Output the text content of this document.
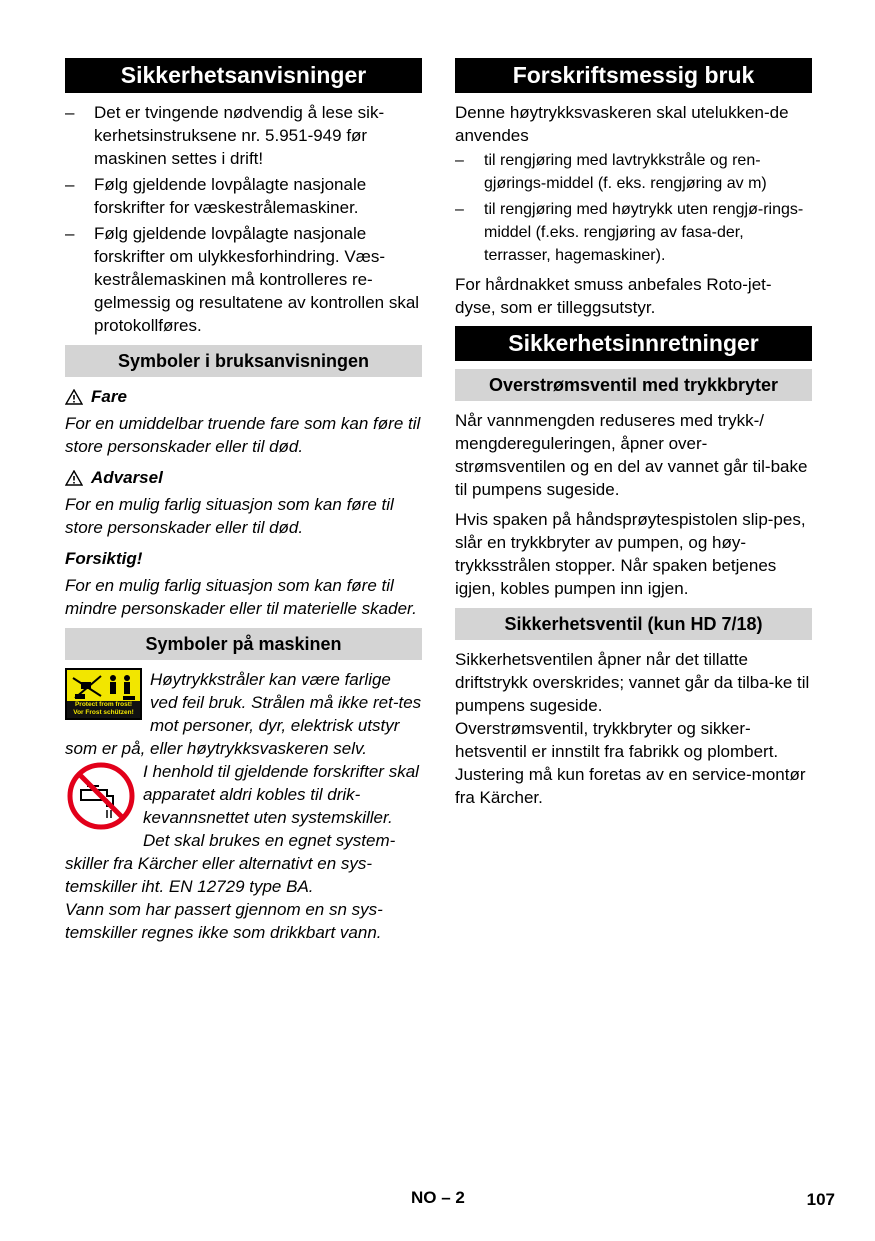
Sikkerhetsanvisninger
– Det er tvingende nødvendig å lese sik-kerhetsinstruksene nr. 5.951-949 før maskinen settes i drift!
– Følg gjeldende lovpålagte nasjonale forskrifter for væskestrålemaskiner.
– Følg gjeldende lovpålagte nasjonale forskrifter om ulykkesforhindring. Væs-kestrålemaskinen må kontrolleres re-gelmessig og resultatene av kontrollen skal protokollføres.
Symboler i bruksanvisningen
Fare

For en umiddelbar truende fare som kan føre til store personskader eller til død.

Advarsel

For en mulig farlig situasjon som kan føre til store personskader eller til død.

Forsiktig!

For en mulig farlig situasjon som kan føre til mindre personskader eller til materielle skader.

Symboler på maskinen
Protect from frost!
Vor Frost schützen!

Høytrykkstråler kan være farlige ved feil bruk. Strålen må ikke ret-tes mot personer, dyr, elektrisk utstyr som er på, eller høytrykksvaskeren selv.

I henhold til gjeldende forskrifter skal apparatet aldri kobles til drik-kevannsnettet uten systemskiller. Det skal brukes en egnet system-skiller fra Kärcher eller alternativt en sys-temskiller iht. EN 12729 type BA.

Vann som har passert gjennom en sn sys-temskiller regnes ikke som drikkbart vann.

Forskriftsmessig bruk

Denne høytrykksvaskeren skal utelukken-de anvendes

– til rengjøring med lavtrykkstråle og ren-gjørings-middel (f. eks. rengjøring av m)
– til rengjøring med høytrykk uten rengjø-rings-middel (f.eks. rengjøring av fasa-der, terrasser, hagemaskiner).

For hårdnakket smuss anbefales Roto-jet-dyse, som er tilleggsutstyr.

Sikkerhetsinnretninger
Overstrømsventil med trykkbryter

Når vannmengden reduseres med trykk-/ mengdereguleringen, åpner over-strømsventilen og en del av vannet går til-bake til pumpens sugeside.

Hvis spaken på håndsprøytespistolen slip-pes, slår en trykkbryter av pumpen, og høy-trykksstrålen stopper. Når spaken betjenes igjen, kobles pumpen inn igjen.

Sikkerhetsventil (kun HD 7/18)

Sikkerhetsventilen åpner når det tillatte driftstrykk overskrides; vannet går da tilba-ke til pumpens sugeside.

Overstrømsventil, trykkbryter og sikker-hetsventil er innstilt fra fabrikk og plombert. Justering må kun foretas av en service-montør fra Kärcher.

NO – 2	107
